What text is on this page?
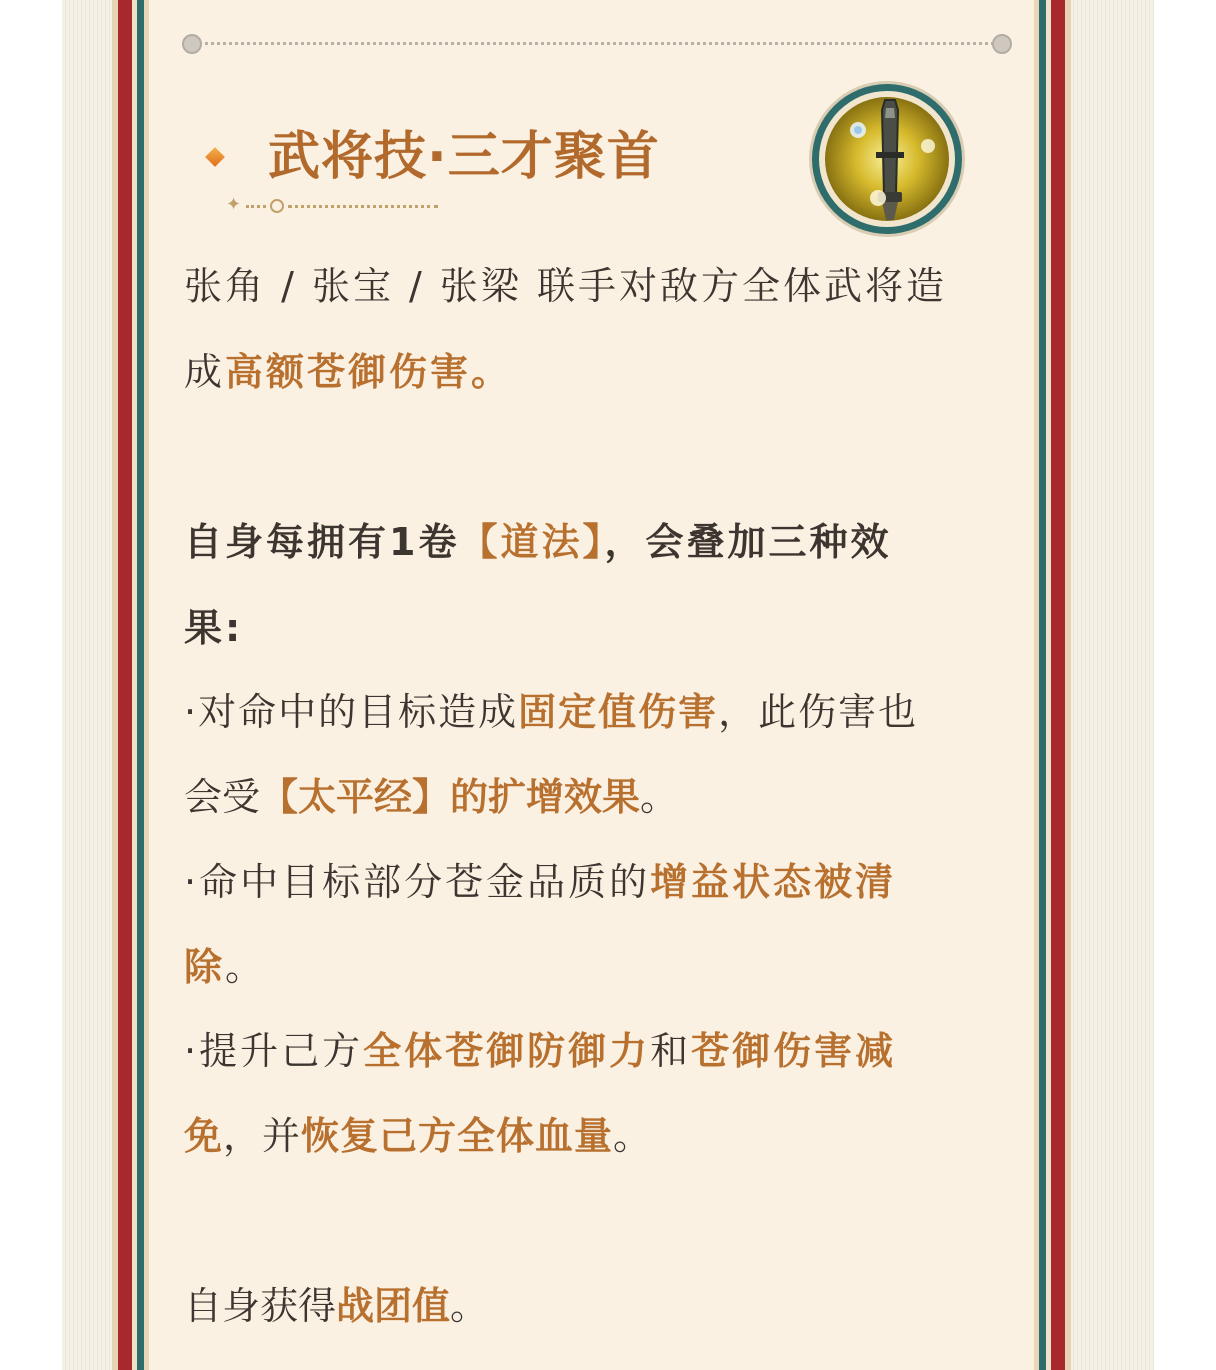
武将技·三才聚首
✦

张角 / 张宝 / 张梁 联手对敌方全体武将造

成高额苍御伤害。

自身每拥有1卷【道法】，会叠加三种效

果:

·对命中的目标造成固定值伤害，此伤害也

会受【太平经】的扩增效果。

·命中目标部分苍金品质的增益状态被清

除。

·提升己方全体苍御防御力和苍御伤害减

免，并恢复己方全体血量。

自身获得战团值。
